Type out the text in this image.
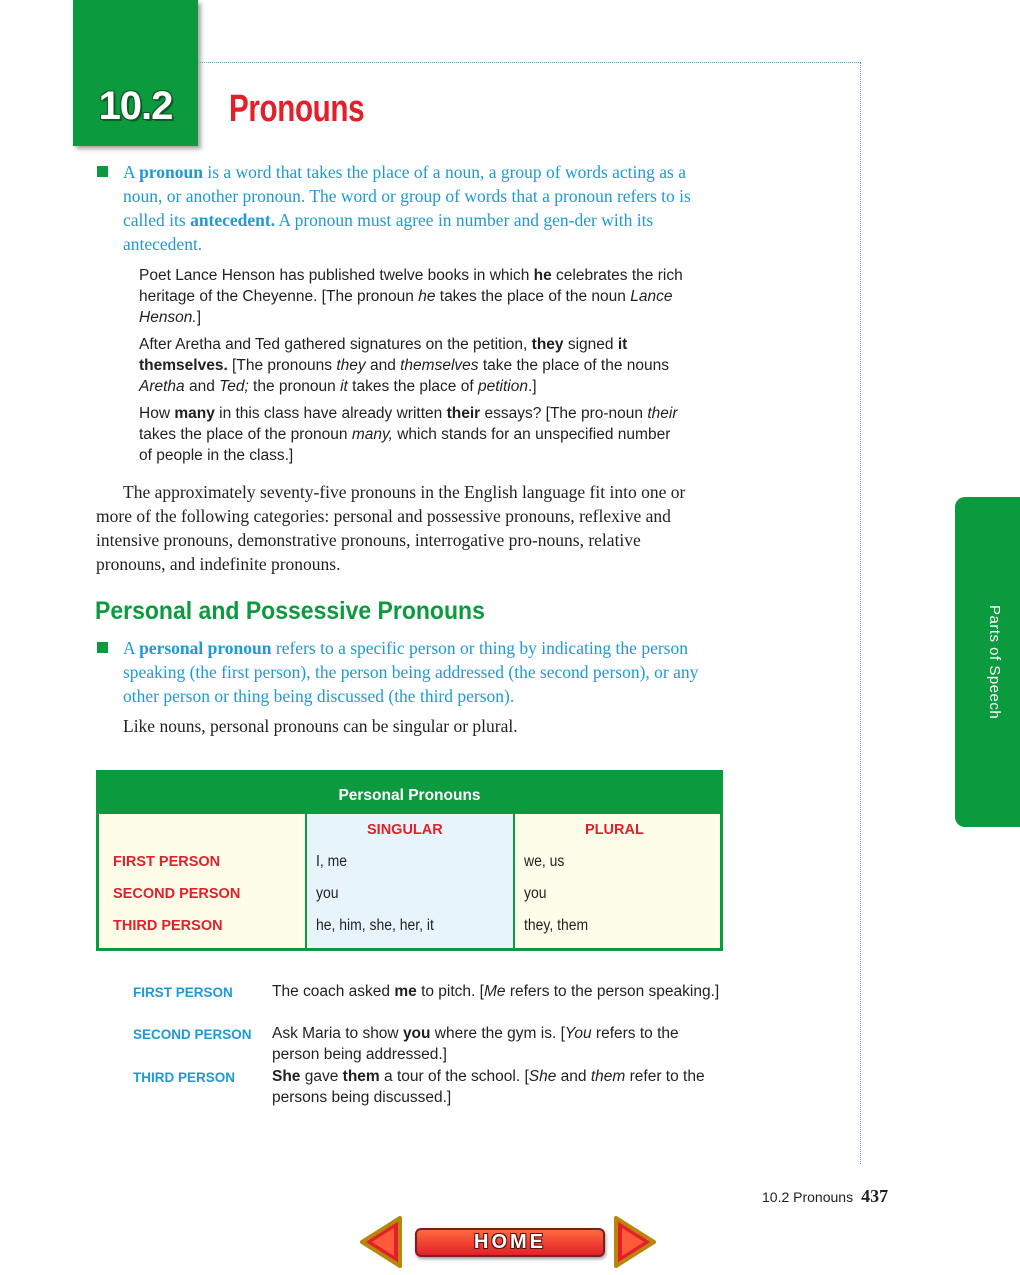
10.2	Pronouns
A pronoun is a word that takes the place of a noun, a group of words acting as a noun, or another pronoun. The word or group of words that a pronoun refers to is called its antecedent. A pronoun must agree in number and gen-der with its antecedent.
Poet Lance Henson has published twelve books in which he celebrates the rich heritage of the Cheyenne. [The pronoun he takes the place of the noun Lance Henson.]
After Aretha and Ted gathered signatures on the petition, they signed it themselves. [The pronouns they and themselves take the place of the nouns Aretha and Ted; the pronoun it takes the place of petition.]
How many in this class have already written their essays? [The pro-noun their takes the place of the pronoun many, which stands for an unspecified number of people in the class.]
The approximately seventy-five pronouns in the English language fit into one or more of the following categories: personal and possessive pronouns, reflexive and intensive pronouns, demonstrative pronouns, interrogative pro-nouns, relative pronouns, and indefinite pronouns.
Personal and Possessive Pronouns
A personal pronoun refers to a specific person or thing by indicating the person speaking (the first person), the person being addressed (the second person), or any other person or thing being discussed (the third person).
Like nouns, personal pronouns can be singular or plural.
Parts of Speech
Personal Pronouns
SINGULAR	PLURAL
FIRST PERSON	I, me	we, us
SECOND PERSON	you	you
THIRD PERSON	he, him, she, her, it	they, them
FIRST PERSON	The coach asked me to pitch. [Me refers to the person speaking.]
SECOND PERSON Ask Maria to show you where the gym is. [You refers to the person being addressed.]
THIRD PERSON She gave them a tour of the school. [She and them refer to the persons being discussed.]
10.2 Pronouns 437
HOME
